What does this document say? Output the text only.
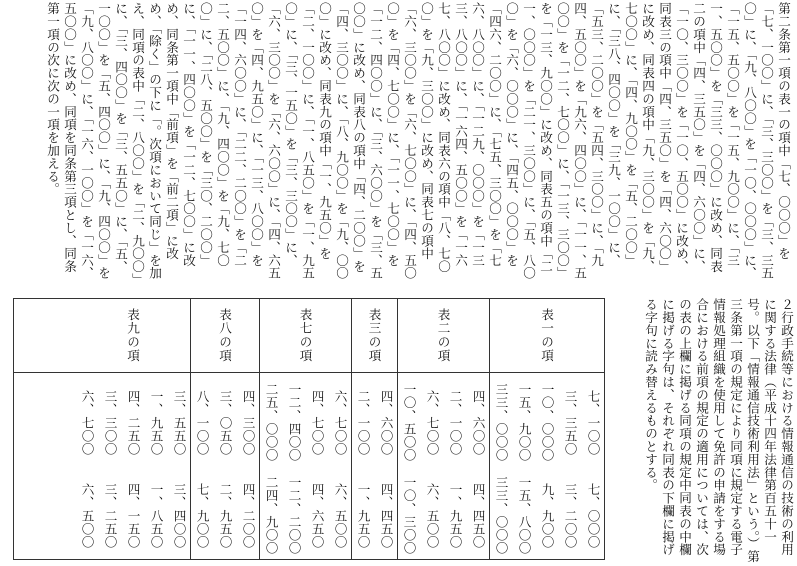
第二条第一項の表一の項中「七、〇〇〇」を「七、一〇〇」に、「三、三〇〇」を「三、三五〇」に、「九、八〇〇」を「一〇、〇〇〇」に、「一五、五〇〇」を「一五、九〇〇」に、「三一、五〇〇」を「三三、〇〇〇」に改め、同表二の項中「四、三五〇」を「四、六〇〇」に、「一〇、三〇〇」を「一〇、五〇〇」に改め、同表三の項中「四、三五〇」を「四、六〇〇」に改め、同表四の項中「九、三〇〇」を「九、七〇〇」に、「四、九〇〇」を「五、二〇〇」に、「三八、四〇〇」を「三九、一〇〇」に、「五三、二〇〇」を「五四、三〇〇」に、「九四、五〇〇」を「九六、四〇〇」に、「一一、五〇〇」を「一二、七〇〇」に、「一三、三〇〇」を「一三、九〇〇」に改め、同表五の項中「二一、〇〇〇」を「二一、三〇〇」に、「五、八〇〇」を「六、〇〇〇」に、「四五、〇〇〇」を「四六、二〇〇」に、「七五、三〇〇」を「七六、八〇〇」に、「一二九、〇〇〇」を「一三三、八〇〇」に、「一六四、五〇〇」を「一六七、八〇〇」に改め、同表六の項中「八、七〇〇」を「九、三〇〇」に改め、同表七の項中「六、三〇〇」を「六、七〇〇」に、「四、五〇〇」を「四、七〇〇」に、「一一、七〇〇」を「一二、四〇〇」に、「三、六〇〇」を「三、五〇〇」に改め、同表八の項中「四、二〇〇」を「四、三〇〇」に、「八、九〇〇」を「九、〇〇〇」に改め、同表九の項中「一、九五〇」を「二、一〇〇」に、「一、八五〇」を「一、九五〇」に、「三、一五〇」を「三、三〇〇」に、「六、三〇〇」を「六、六〇〇」に、「四、六五〇」を「四、九五〇」に、「一三、八〇〇」を「一四、六〇〇」に、「二二、二〇〇」を「二二、五〇〇」に、「九、四〇〇」を「九、七〇〇」に、「二八、五〇〇」を「三〇、二〇〇」に、「一一、四〇〇」を「一二、七〇〇」に改め、同条第一項中「前項」を「前二項」に改め、「除く」の下に「。次項において同じ」を加え、同項の表中「二、八〇〇」を「二、九〇〇」に、「三、四〇〇」を「三、五五〇」に、「五、一〇〇」を「五、四〇〇」に、「九、四〇〇」を「九、八〇〇」に、「一六、一〇〇」を「一六、五〇〇」に改め、同項を同条第三項とし、同条第一項の次に次の一項を加える。
２行政手続等における情報通信の技術の利用に関する法律（平成十四年法律第百五十一号。以下「情報通信技術利用法」という。）第三条第一項の規定により同項に規定する電子情報処理組織を使用して免許の申請をする場合における前項の規定の適用については、次の表の上欄に掲げる同項の規定中同表の中欄に掲げる字句は、それぞれ同表の下欄に掲げる字句に読み替えるものとする。
表一の項
七、一〇〇
七、〇〇〇
三、三五〇
三、二〇〇
一〇、〇〇〇
九、九〇〇
一五、九〇〇
一五、八〇〇
三三、〇〇〇
三三、〇〇〇
表二の項
四、六〇〇
四、四五〇
二、一〇〇
一、九五〇
六、七〇〇
六、五〇〇
一〇、五〇〇
一〇、三〇〇
表三の項
四、六〇〇
四、四五〇
二、一〇〇
一、九五〇
表七の項
六、七〇〇
六、五〇〇
四、七〇〇
四、六五〇
一二、四〇〇
一二、二〇〇
二五、〇〇〇
二四、九〇〇
表八の項
四、三〇〇
四、二〇〇
三、〇五〇
二、九五〇
八、一〇〇
七、九〇〇
表九の項
三、五五〇
三、四〇〇
一、九五〇
一、八五〇
四、二五〇
四、一五〇
三、三〇〇
三、二五〇
六、七〇〇
六、五〇〇
